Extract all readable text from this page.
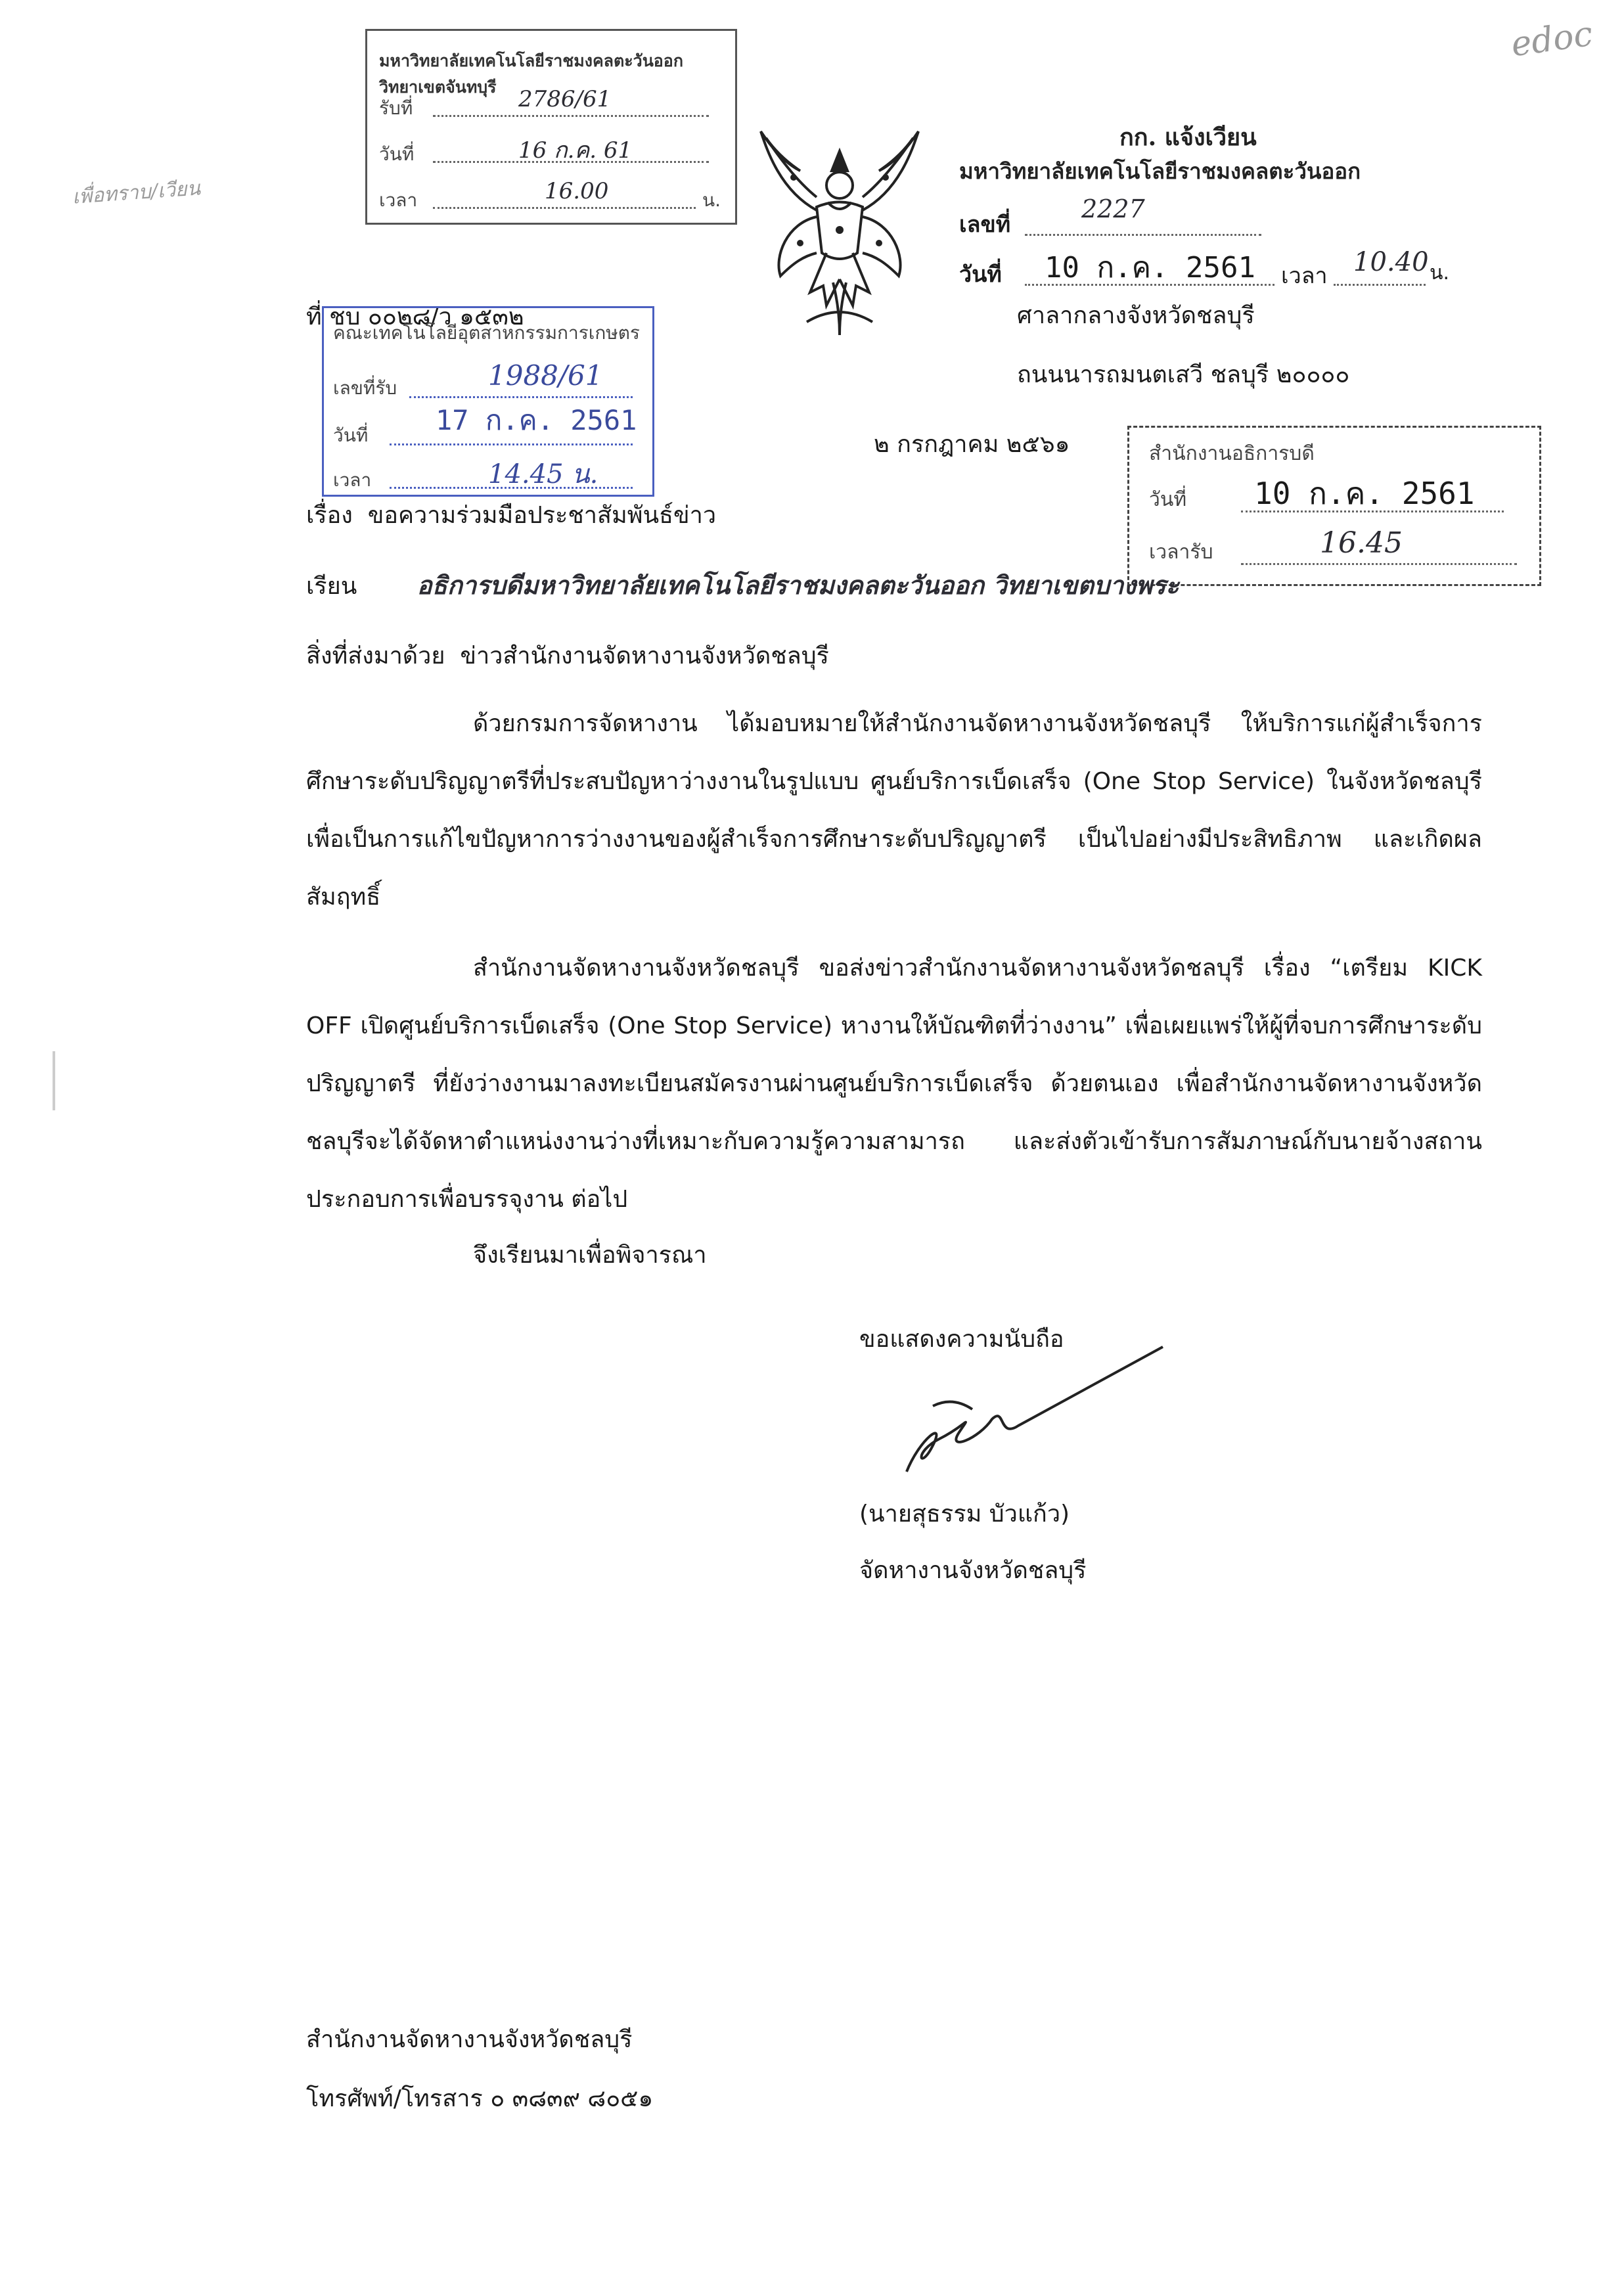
edoc
เพื่อทราบ/เวียน
มหาวิทยาลัยเทคโนโลยีราชมงคลตะวันออก วิทยาเขตจันทบุรี
รับที่	2786/61
วันที่	16 ก.ค. 61
เวลา	16.00	น.
กก. แจ้งเวียน
มหาวิทยาลัยเทคโนโลยีราชมงคลตะวันออก
เลขที่
2227
วันที่ 10 ก.ค. 2561 เวลา 10.40 น.
ศาลากลางจังหวัดชลบุรี
ถนนนารถมนตเสวี ชลบุรี ๒๐๐๐๐
ที่ ชบ ๐๐๒๘/ว ๑๕๓๒
คณะเทคโนโลยีอุตสาหกรรมการเกษตร
เลขที่รับ	1988/61
วันที่ 17 ก.ค. 2561
เวลา	14.45 น.
๒ กรกฎาคม ๒๕๖๑	สำนักงานอธิการบดี
วันที่ 10 ก.ค. 2561
เวลารับ	16.45
เรื่อง ขอความร่วมมือประชาสัมพันธ์ข่าว
เรียน อธิการบดีมหาวิทยาลัยเทคโนโลยีราชมงคลตะวันออก วิทยาเขตบางพระ
สิ่งที่ส่งมาด้วย ข่าวสำนักงานจัดหางานจังหวัดชลบุรี
ด้วยกรมการจัดหางาน ได้มอบหมายให้สำนักงานจัดหางานจังหวัดชลบุรี ให้บริการแก่ผู้สำเร็จการศึกษาระดับปริญญาตรีที่ประสบปัญหาว่างงานในรูปแบบ ศูนย์บริการเบ็ดเสร็จ (One Stop Service) ในจังหวัดชลบุรี เพื่อเป็นการแก้ไขปัญหาการว่างงานของผู้สำเร็จการศึกษาระดับปริญญาตรี เป็นไปอย่างมีประสิทธิภาพ และเกิดผลสัมฤทธิ์
สำนักงานจัดหางานจังหวัดชลบุรี ขอส่งข่าวสำนักงานจัดหางานจังหวัดชลบุรี เรื่อง “เตรียม KICK OFF เปิดศูนย์บริการเบ็ดเสร็จ (One Stop Service) หางานให้บัณฑิตที่ว่างงาน” เพื่อเผยแพร่ให้ผู้ที่จบการศึกษาระดับปริญญาตรี ที่ยังว่างงานมาลงทะเบียนสมัครงานผ่านศูนย์บริการเบ็ดเสร็จ ด้วยตนเอง เพื่อสำนักงานจัดหางานจังหวัดชลบุรีจะได้จัดหาตำแหน่งงานว่างที่เหมาะกับความรู้ความสามารถ และส่งตัวเข้ารับการสัมภาษณ์กับนายจ้างสถานประกอบการเพื่อบรรจุงาน ต่อไป
จึงเรียนมาเพื่อพิจารณา
ขอแสดงความนับถือ
(นายสุธรรม บัวแก้ว)
จัดหางานจังหวัดชลบุรี
สำนักงานจัดหางานจังหวัดชลบุรี
โทรศัพท์/โทรสาร ๐ ๓๘๓๙ ๘๐๕๑
